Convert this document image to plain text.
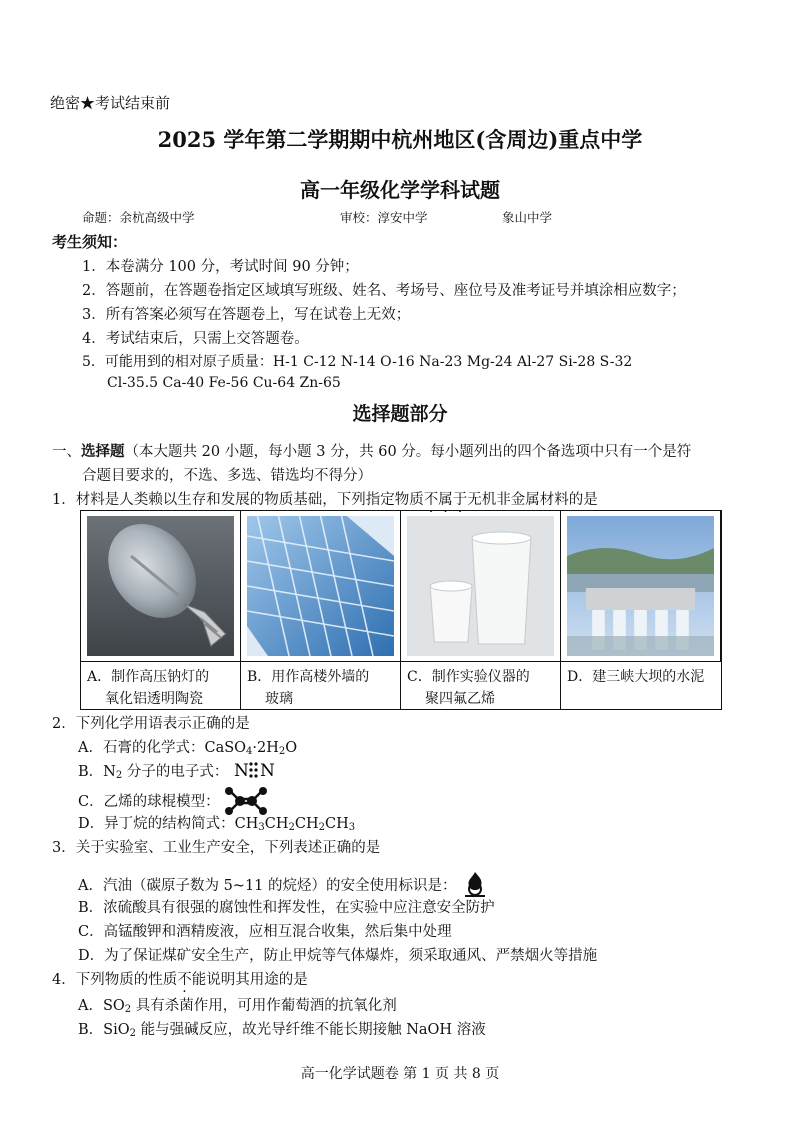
绝密★考试结束前
2025 学年第二学期期中杭州地区(含周边)重点中学
高一年级化学学科试题
命题：余杭高级中学	审校：淳安中学	象山中学
考生须知：
1．本卷满分 100 分，考试时间 90 分钟；
2．答题前，在答题卷指定区域填写班级、姓名、考场号、座位号及准考证号并填涂相应数字；
3．所有答案必须写在答题卷上，写在试卷上无效；
4．考试结束后，只需上交答题卷。
5．可能用到的相对原子质量：H-1 C-12 N-14 O-16 Na-23 Mg-24 Al-27 Si-28 S-32
Cl-35.5 Ca-40 Fe-56 Cu-64 Zn-65
选择题部分
一、选择题（本大题共 20 小题，每小题 3 分，共 60 分。每小题列出的四个备选项中只有一个是符
合题目要求的，不选、多选、错选均不得分）
1．材料是人类赖以生存和发展的物质基础，下列指定物质不属于无机非金属材料的是
A．制作高压钠灯的
氧化铝透明陶瓷
B．用作高楼外墙的
玻璃
C．制作实验仪器的
聚四氟乙烯
D．建三峡大坝的水泥
2．下列化学用语表示正确的是
A．石膏的化学式：$CaSO_4\cdot 2H_2O$
B．$N_2$ 分子的电子式： N N
C．乙烯的球棍模型：
D．异丁烷的结构简式：$CH_3CH_2CH_2CH_3$
3．关于实验室、工业生产安全，下列表述正确的是
A．汽油（碳原子数为 5~11 的烷烃）的安全使用标识是：
B．浓硫酸具有很强的腐蚀性和挥发性，在实验中应注意安全防护
C．高锰酸钾和酒精废液，应相互混合收集，然后集中处理
D．为了保证煤矿安全生产，防止甲烷等气体爆炸，须采取通风、严禁烟火等措施
4．下列物质的性质不能说明其用途的是
A．$SO_2$ 具有杀菌作用，可用作葡萄酒的抗氧化剂
B．SiO$_2$ 能与强碱反应，故光导纤维不能长期接触 NaOH 溶液
高一化学试题卷 第 1 页 共 8 页
